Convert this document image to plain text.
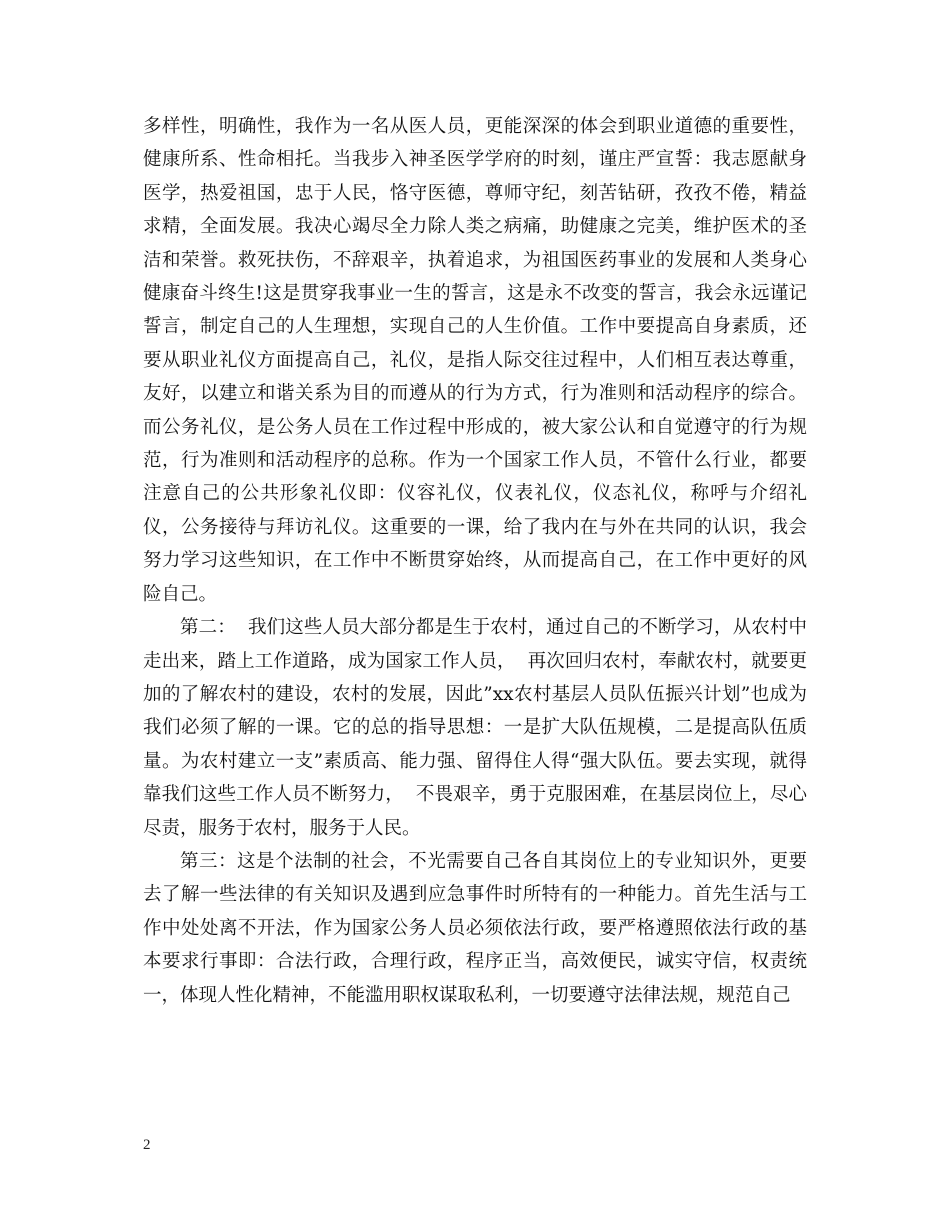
多样性，明确性，我作为一名从医人员，更能深深的体会到职业道德的重要性，健康所系、性命相托。当我步入神圣医学学府的时刻，谨庄严宣誓：我志愿献身医学，热爱祖国，忠于人民，恪守医德，尊师守纪，刻苦钻研，孜孜不倦，精益求精，全面发展。我决心竭尽全力除人类之病痛，助健康之完美，维护医术的圣洁和荣誉。救死扶伤，不辞艰辛，执着追求，为祖国医药事业的发展和人类身心健康奋斗终生!这是贯穿我事业一生的誓言，这是永不改变的誓言，我会永远谨记誓言，制定自己的人生理想，实现自己的人生价值。工作中要提高自身素质，还要从职业礼仪方面提高自己，礼仪，是指人际交往过程中，人们相互表达尊重，友好，以建立和谐关系为目的而遵从的行为方式，行为准则和活动程序的综合。而公务礼仪，是公务人员在工作过程中形成的，被大家公认和自觉遵守的行为规范，行为准则和活动程序的总称。作为一个国家工作人员，不管什么行业，都要注意自己的公共形象礼仪即：仪容礼仪，仪表礼仪，仪态礼仪，称呼与介绍礼仪，公务接待与拜访礼仪。这重要的一课，给了我内在与外在共同的认识，我会努力学习这些知识，在工作中不断贯穿始终，从而提高自己，在工作中更好的风险自己。

第二：  我们这些人员大部分都是生于农村，通过自己的不断学习，从农村中走出来，踏上工作道路，成为国家工作人员，  再次回归农村，奉献农村，就要更加的了解农村的建设，农村的发展，因此”xx农村基层人员队伍振兴计划”也成为我们必须了解的一课。它的总的指导思想：一是扩大队伍规模，二是提高队伍质量。为农村建立一支”素质高、能力强、留得住人得“强大队伍。要去实现，就得靠我们这些工作人员不断努力，  不畏艰辛，勇于克服困难，在基层岗位上，尽心尽责，服务于农村，服务于人民。

第三：这是个法制的社会，不光需要自己各自其岗位上的专业知识外，更要去了解一些法律的有关知识及遇到应急事件时所特有的一种能力。首先生活与工作中处处离不开法，作为国家公务人员必须依法行政，要严格遵照依法行政的基本要求行事即：合法行政，合理行政，程序正当，高效便民，诚实守信，权责统一，体现人性化精神，不能滥用职权谋取私利，一切要遵守法律法规，规范自己

2
